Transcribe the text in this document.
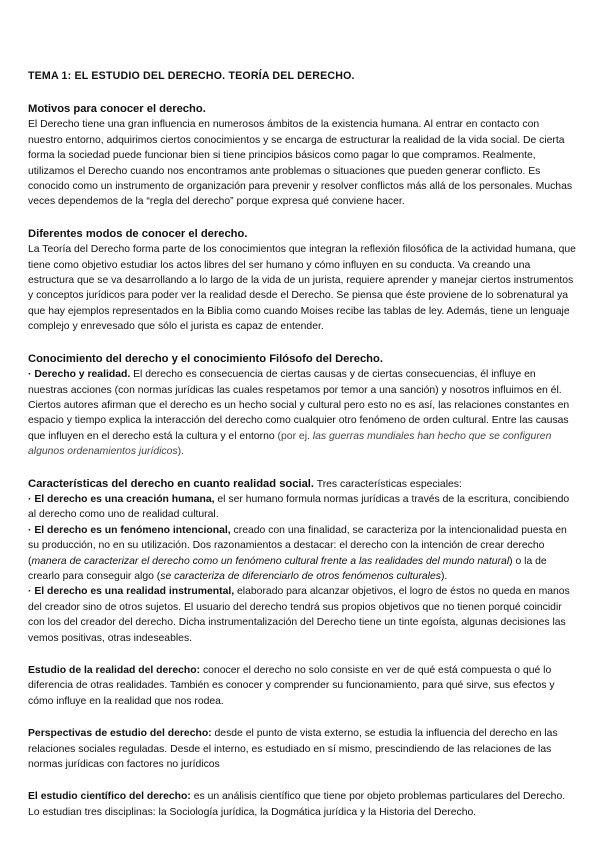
TEMA 1: EL ESTUDIO DEL DERECHO. TEORÍA DEL DERECHO.
Motivos para conocer el derecho.

El Derecho tiene una gran influencia en numerosos ámbitos de la existencia humana. Al entrar en contacto con nuestro entorno, adquirimos ciertos conocimientos y se encarga de estructurar la realidad de la vida social. De cierta forma la sociedad puede funcionar bien si tiene principios básicos como pagar lo que compramos. Realmente, utilizamos el Derecho cuando nos encontramos ante problemas o situaciones que pueden generar conflicto. Es conocido como un instrumento de organización para prevenir y resolver conflictos más allá de los personales. Muchas veces dependemos de la “regla del derecho” porque expresa qué conviene hacer.

Diferentes modos de conocer el derecho.

La Teoría del Derecho forma parte de los conocimientos que integran la reflexión filosófica de la actividad humana, que tiene como objetivo estudiar los actos libres del ser humano y cómo influyen en su conducta. Va creando una estructura que se va desarrollando a lo largo de la vida de un jurista, requiere aprender y manejar ciertos instrumentos y conceptos jurídicos para poder ver la realidad desde el Derecho. Se piensa que éste proviene de lo sobrenatural ya que hay ejemplos representados en la Biblia como cuando Moises recibe las tablas de ley. Además, tiene un lenguaje complejo y enrevesado que sólo el jurista es capaz de entender.

Conocimiento del derecho y el conocimiento Filósofo del Derecho.

· Derecho y realidad. El derecho es consecuencia de ciertas causas y de ciertas consecuencias, él influye en nuestras acciones (con normas jurídicas las cuales respetamos por temor a una sanción) y nosotros influimos en él. Ciertos autores afirman que el derecho es un hecho social y cultural pero esto no es así, las relaciones constantes en espacio y tiempo explica la interacción del derecho como cualquier otro fenómeno de orden cultural. Entre las causas que influyen en el derecho está la cultura y el entorno (por ej. las guerras mundiales han hecho que se configuren algunos ordenamientos jurídicos).

Características del derecho en cuanto realidad social. Tres características especiales:

· El derecho es una creación humana, el ser humano formula normas jurídicas a través de la escritura, concibiendo al derecho como uno de realidad cultural.

· El derecho es un fenómeno intencional, creado con una finalidad, se caracteriza por la intencionalidad puesta en su producción, no en su utilización. Dos razonamientos a destacar: el derecho con la intención de crear derecho (manera de caracterizar el derecho como un fenómeno cultural frente a las realidades del mundo natural) o la de crearlo para conseguir algo (se caracteriza de diferenciarlo de otros fenómenos culturales).

· El derecho es una realidad instrumental, elaborado para alcanzar objetivos, el logro de éstos no queda en manos del creador sino de otros sujetos. El usuario del derecho tendrá sus propios objetivos que no tienen porqué coincidir con los del creador del derecho. Dicha instrumentalización del Derecho tiene un tinte egoísta, algunas decisiones las vemos positivas, otras indeseables.

Estudio de la realidad del derecho: conocer el derecho no solo consiste en ver de qué está compuesta o qué lo diferencia de otras realidades. También es conocer y comprender su funcionamiento, para qué sirve, sus efectos y cómo influye en la realidad que nos rodea.

Perspectivas de estudio del derecho: desde el punto de vista externo, se estudia la influencia del derecho en las relaciones sociales reguladas. Desde el interno, es estudiado en sí mismo, prescindiendo de las relaciones de las normas jurídicas con factores no jurídicos

El estudio científico del derecho: es un análisis científico que tiene por objeto problemas particulares del Derecho. Lo estudian tres disciplinas: la Sociología jurídica, la Dogmática jurídica y la Historia del Derecho.
